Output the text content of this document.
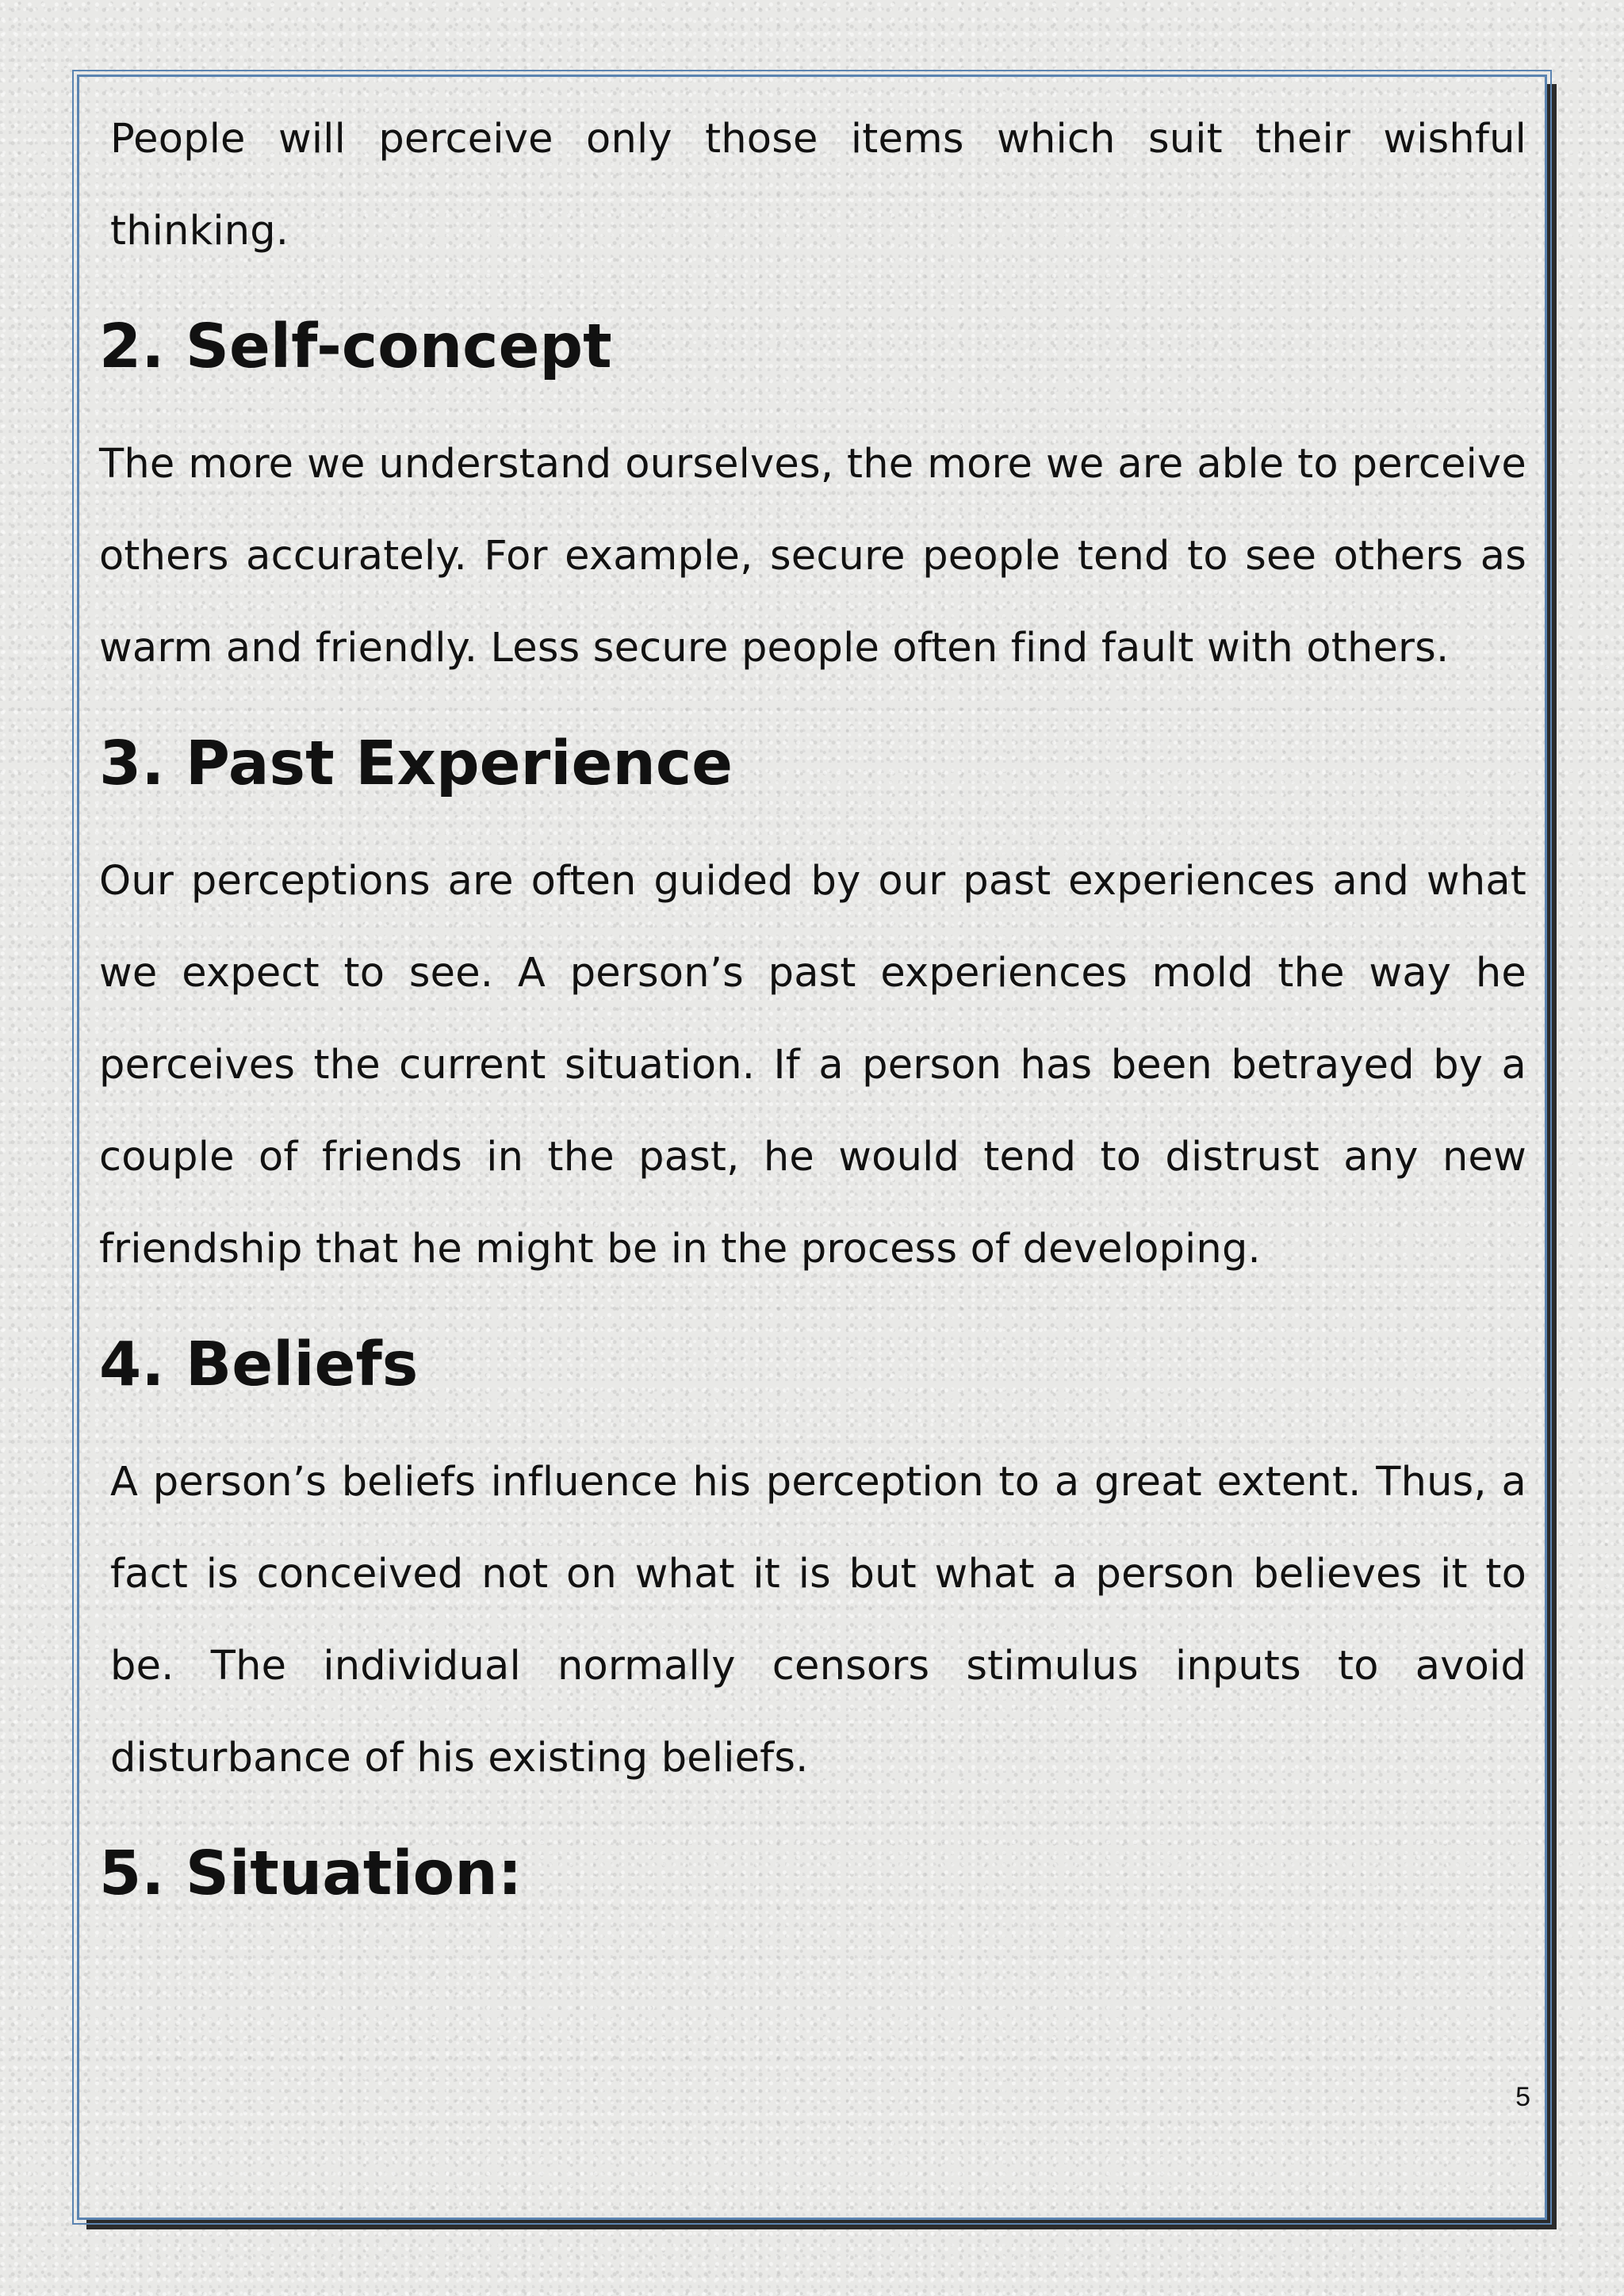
People will perceive only those items which suit their wishful thinking.

2. Self-concept

The more we understand ourselves, the more we are able to perceive others accurately. For example, secure people tend to see others as warm and friendly. Less secure people often find fault with others.

3. Past Experience

Our perceptions are often guided by our past experiences and what we expect to see. A person’s past experiences mold the way he perceives the current situation. If a person has been betrayed by a couple of friends in the past, he would tend to distrust any new friendship that he might be in the process of developing.

4. Beliefs

A person’s beliefs influence his perception to a great extent. Thus, a fact is conceived not on what it is but what a person believes it to be. The individual normally censors stimulus inputs to avoid disturbance of his existing beliefs.

5. Situation:
5
